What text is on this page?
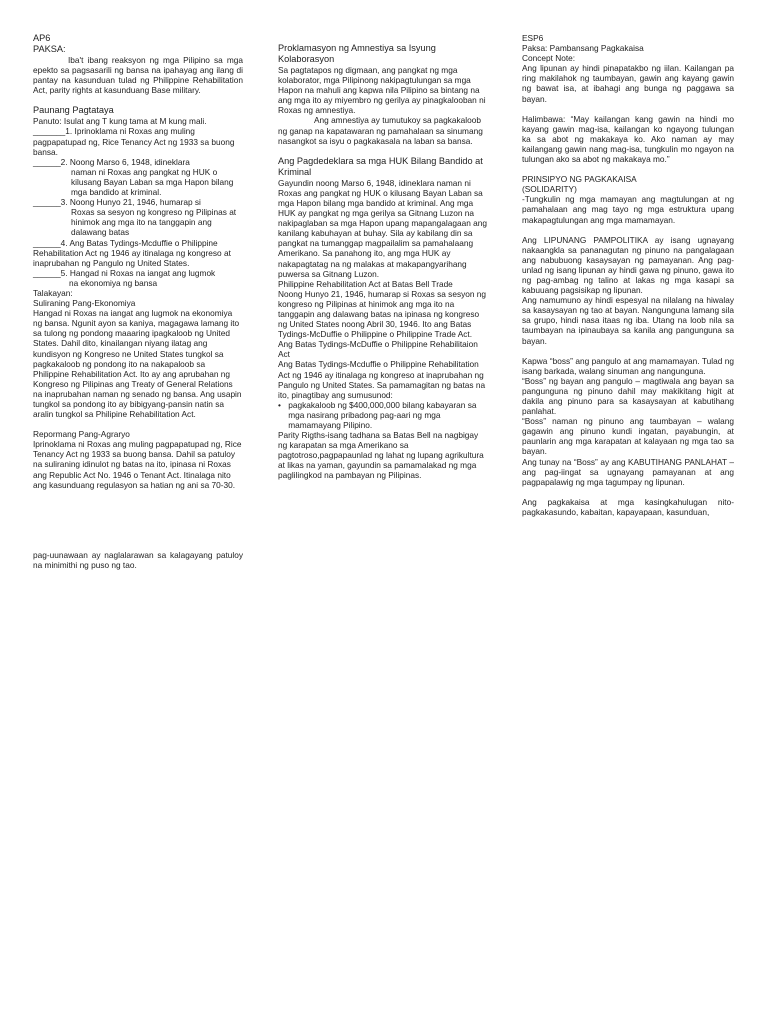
AP6

PAKSA:

Iba't ibang reaksyon ng mga Pilipino sa mga epekto sa pagsasarili ng bansa na ipahayag ang ilang di pantay na kasunduan tulad ng Philippine Rehabilitation Act, parity rights at kasunduang Base military.

Paunang Pagtataya

Panuto: Isulat ang T kung tama at M kung mali.

_______1. Iprinoklama ni Roxas ang muling

pagpapatupad ng, Rice Tenancy Act ng 1933 sa buong bansa.

______2. Noong Marso 6, 1948, idineklara

naman ni Roxas ang pangkat ng HUK o kilusang Bayan Laban sa mga Hapon bilang mga bandido at kriminal.

______3. Noong Hunyo 21, 1946, humarap si

Roxas sa sesyon ng kongreso ng Pilipinas at hinimok ang mga ito na tanggapin ang dalawang batas

______4. Ang Batas Tydings-Mcduffie o Philippine Rehabilitation Act ng 1946 ay itinalaga ng kongreso at inaprubahan ng Pangulo ng United States.

______5. Hangad ni Roxas na iangat ang lugmok

na ekonomiya ng bansa

Talakayan:

Suliraning Pang-Ekonomiya

Hangad ni Roxas na iangat ang lugmok na ekonomiya ng bansa. Ngunit ayon sa kaniya, magagawa lamang ito sa tulong ng pondong maaaring ipagkaloob ng United States. Dahil dito, kinailangan niyang ilatag ang kundisyon ng Kongreso ne United States tungkol sa pagkakaloob ng pondong ito na nakapaloob sa Philippine Rehabilitation Act. Ito ay ang aprubahan ng Kongreso ng Pilipinas ang Treaty of General Relations na inaprubahan naman ng senado ng bansa. Ang usapin tungkol sa pondong ito ay bibigyang-pansin natin sa aralin tungkol sa Philipine Rehabilitation Act.

Repormang Pang-Agraryo

Iprinoklama ni Roxas ang muling pagpapatupad ng, Rice Tenancy Act ng 1933 sa buong bansa. Dahil sa patuloy na suliraning idinulot ng batas na ito, ipinasa ni Roxas ang Republic Act No. 1946 o Tenant Act. Itinalaga nito ang kasunduang regulasyon sa hatian ng ani sa 70-30.

pag-uunawaan ay naglalarawan sa kalagayang patuloy na minimithi ng puso ng tao.

Proklamasyon ng Amnestiya sa Isyung Kolaborasyon

Sa pagtatapos ng digmaan, ang pangkat ng mga kolaborator, mga Pilipinong nakipagtulungan sa mga Hapon na mahuli ang kapwa nila Pilipino sa bintang na ang mga ito ay miyembro ng gerilya ay pinagkalooban ni Roxas ng amnestiya.

Ang amnestiya ay tumutukoy sa pagkakaloob ng ganap na kapatawaran ng pamahalaan sa sinumang nasangkot sa isyu o pagkakasala na laban sa bansa.

Ang Pagdedeklara sa mga HUK Bilang Bandido at Kriminal

Gayundin noong Marso 6, 1948, idineklara naman ni Roxas ang pangkat ng HUK o kilusang Bayan Laban sa mga Hapon bilang mga bandido at kriminal. Ang mga HUK ay pangkat ng mga gerilya sa Gitnang Luzon na nakipaglaban sa mga Hapon upang mapangalagaan ang kanilang kabuhayan at buhay. Sila ay kabilang din sa pangkat na tumanggap magpailalim sa pamahalaang Amerikano. Sa panahong ito, ang mga HUK ay nakapagtatag na ng malakas at makapangyarihang puwersa sa Gitnang Luzon.

Philippine Rehabilitation Act at Batas Bell Trade

Noong Hunyo 21, 1946, humarap si Roxas sa sesyon ng kongreso ng Pilipinas at hinimok ang mga ito na tanggapin ang dalawang batas na ipinasa ng kongreso ng United States noong Abril 30, 1946. Ito ang Batas Tydings-McDuffie o Philippine o Philippine Trade Act.

Ang Batas Tydings-McDuffie o Philippine Rehabilitaion Act

Ang Batas Tydings-Mcduffie o Philippine Rehabilitation Act ng 1946 ay itinalaga ng kongreso at inaprubahan ng Pangulo ng United States. Sa pamamagitan ng batas na ito, pinagtibay ang sumusunod:

• pagkakaloob ng $400,000,000 bilang kabayaran sa mga nasirang pribadong pag-aari ng mga mamamayang Pilipino.

Parity Rigths-isang tadhana sa Batas Bell na nagbigay ng karapatan sa mga Amerikano sa pagtotroso,pagpapaunlad ng lahat ng lupang agrikultura at likas na yaman, gayundin sa pamamalakad ng mga paglilingkod na pambayan ng Pilipinas.

ESP6

Paksa: Pambansang Pagkakaisa

Concept Note:

Ang lipunan ay hindi pinapatakbo ng iilan. Kailangan pa ring makilahok ng taumbayan, gawin ang kayang gawin ng bawat isa, at ibahagi ang bunga ng paggawa sa bayan.

Halimbawa: “May kailangan kang gawin na hindi mo kayang gawin mag-isa, kailangan ko ngayong tulungan ka sa abot ng makakaya ko. Ako naman ay may kailangang gawin nang mag-isa, tungkulin mo ngayon na tulungan ako sa abot ng makakaya mo.”

PRINSIPYO NG PAGKAKAISA

(SOLIDARITY)

-Tungkulin ng mga mamayan ang magtulungan at ng pamahalaan ang mag tayo ng mga estruktura upang makapagtulungan ang mga mamamayan.

Ang LIPUNANG PAMPOLITIKA ay isang ugnayang nakaangkla sa pananagutan ng pinuno na pangalagaan ang nabubuong kasaysayan ng pamayanan. Ang pag-unlad ng isang lipunan ay hindi gawa ng pinuno, gawa ito ng pag-ambag ng talino at lakas ng mga kasapi sa kabuuang pagsisikap ng lipunan.

Ang namumuno ay hindi espesyal na nilalang na hiwalay sa kasaysayan ng tao at bayan. Nangunguna lamang sila sa grupo, hindi nasa itaas ng iba. Utang na loob nila sa taumbayan na ipinaubaya sa kanila ang pangunguna sa bayan.

Kapwa “boss” ang pangulo at ang mamamayan. Tulad ng isang barkada, walang sinuman ang nangunguna.

“Boss” ng bayan ang pangulo – magtiwala ang bayan sa pangunguna ng pinuno dahil may makikitang higit at dakila ang pinuno para sa kasaysayan at kabutihang panlahat.

“Boss” naman ng pinuno ang taumbayan – walang gagawin ang pinuno kundi ingatan, payabungin, at paunlarin ang mga karapatan at kalayaan ng mga tao sa bayan.

Ang tunay na “Boss” ay ang KABUTIHANG PANLAHAT – ang pag-iingat sa ugnayang pamayanan at ang pagpapalawig ng mga tagumpay ng lipunan.

Ang pagkakaisa at mga kasingkahulugan nito-pagkakasundo, kabaitan, kapayapaan, kasunduan,
